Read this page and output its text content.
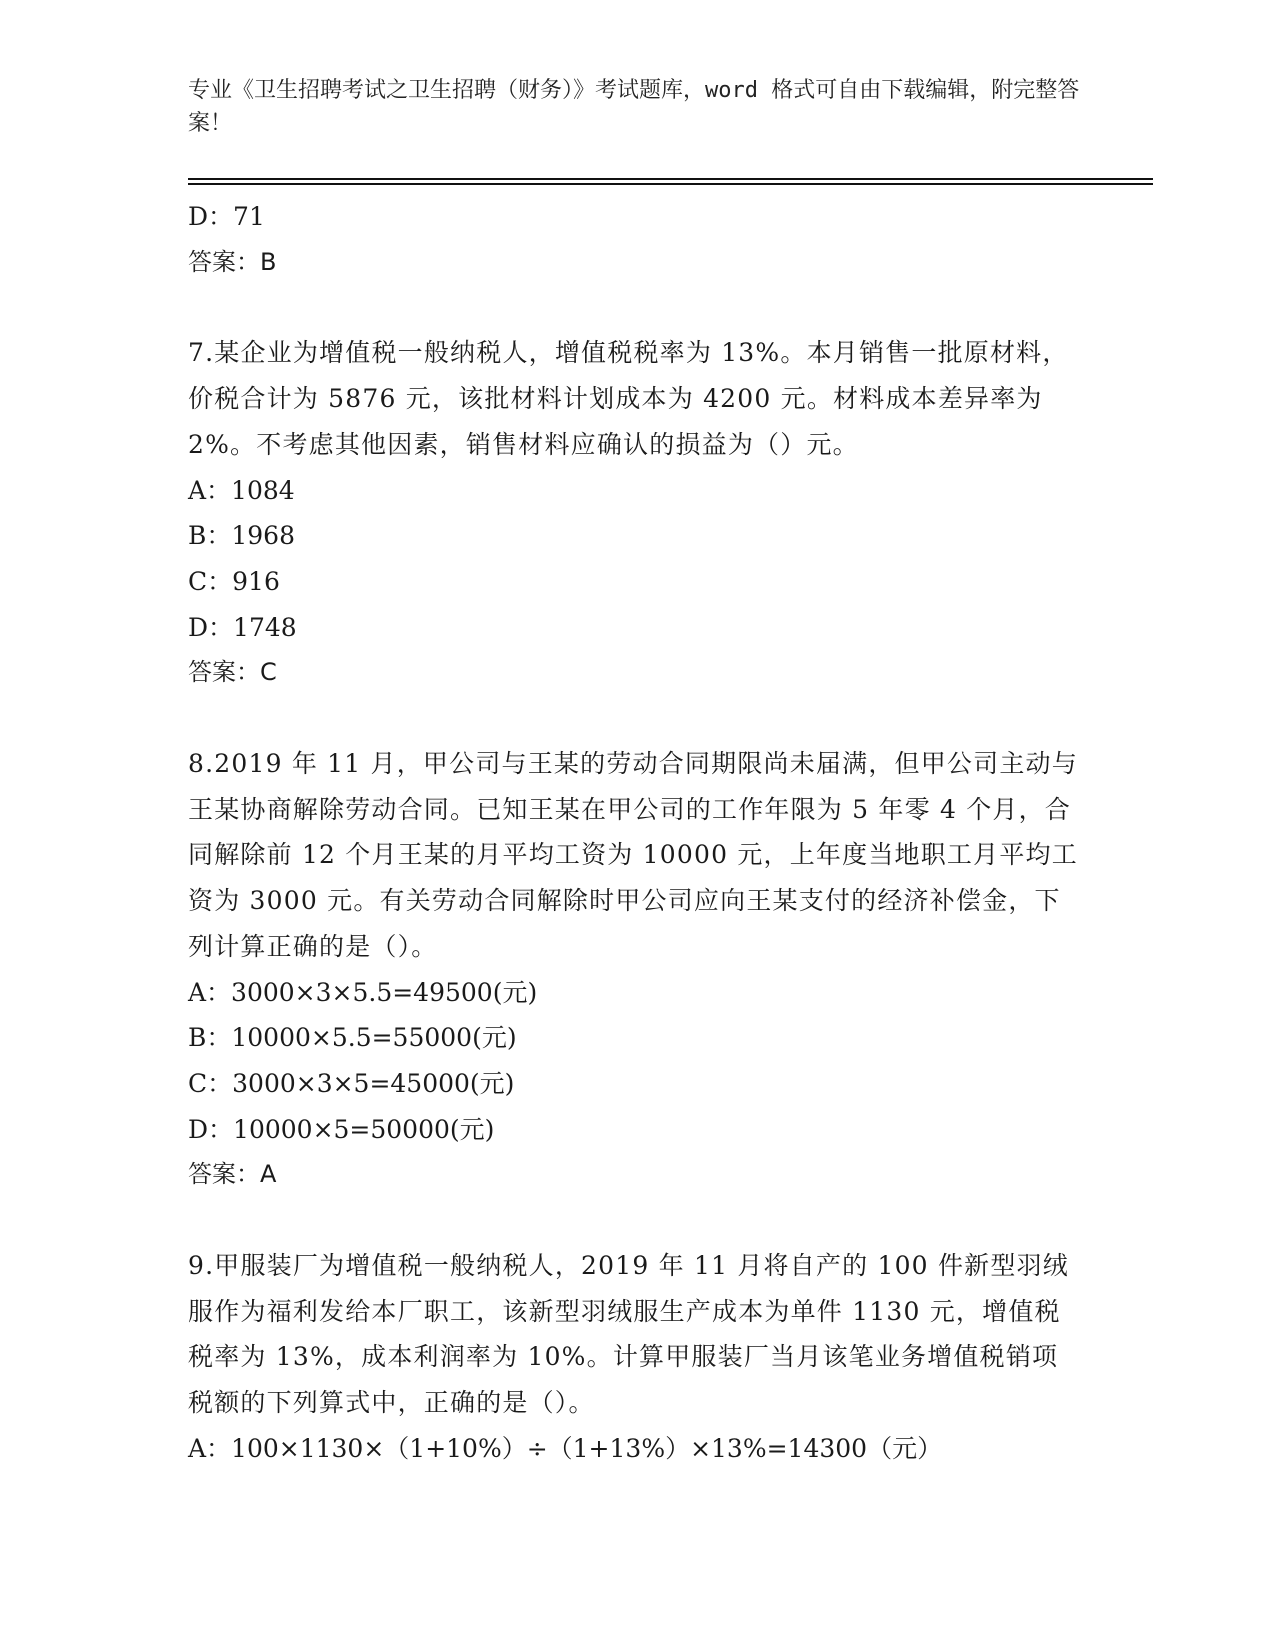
专业《卫生招聘考试之卫生招聘（财务）》考试题库，word 格式可自由下载编辑，附完整答案！
D：71
答案：B
7.某企业为增值税一般纳税人，增值税税率为 13%。本月销售一批原材料，价税合计为 5876 元，该批材料计划成本为 4200 元。材料成本差异率为 2%。不考虑其他因素，销售材料应确认的损益为（）元。
A：1084
B：1968
C：916
D：1748
答案：C
8.2019 年 11 月，甲公司与王某的劳动合同期限尚未届满，但甲公司主动与王某协商解除劳动合同。已知王某在甲公司的工作年限为 5 年零 4 个月，合同解除前 12 个月王某的月平均工资为 10000 元，上年度当地职工月平均工资为 3000 元。有关劳动合同解除时甲公司应向王某支付的经济补偿金，下列计算正确的是（）。
A：3000×3×5.5=49500(元)
B：10000×5.5=55000(元)
C：3000×3×5=45000(元)
D：10000×5=50000(元)
答案：A
9.甲服装厂为增值税一般纳税人，2019 年 11 月将自产的 100 件新型羽绒服作为福利发给本厂职工，该新型羽绒服生产成本为单件 1130 元，增值税税率为 13%，成本利润率为 10%。计算甲服装厂当月该笔业务增值税销项税额的下列算式中，正确的是（）。
A：100×1130×（1+10%）÷（1+13%）×13%=14300（元）
